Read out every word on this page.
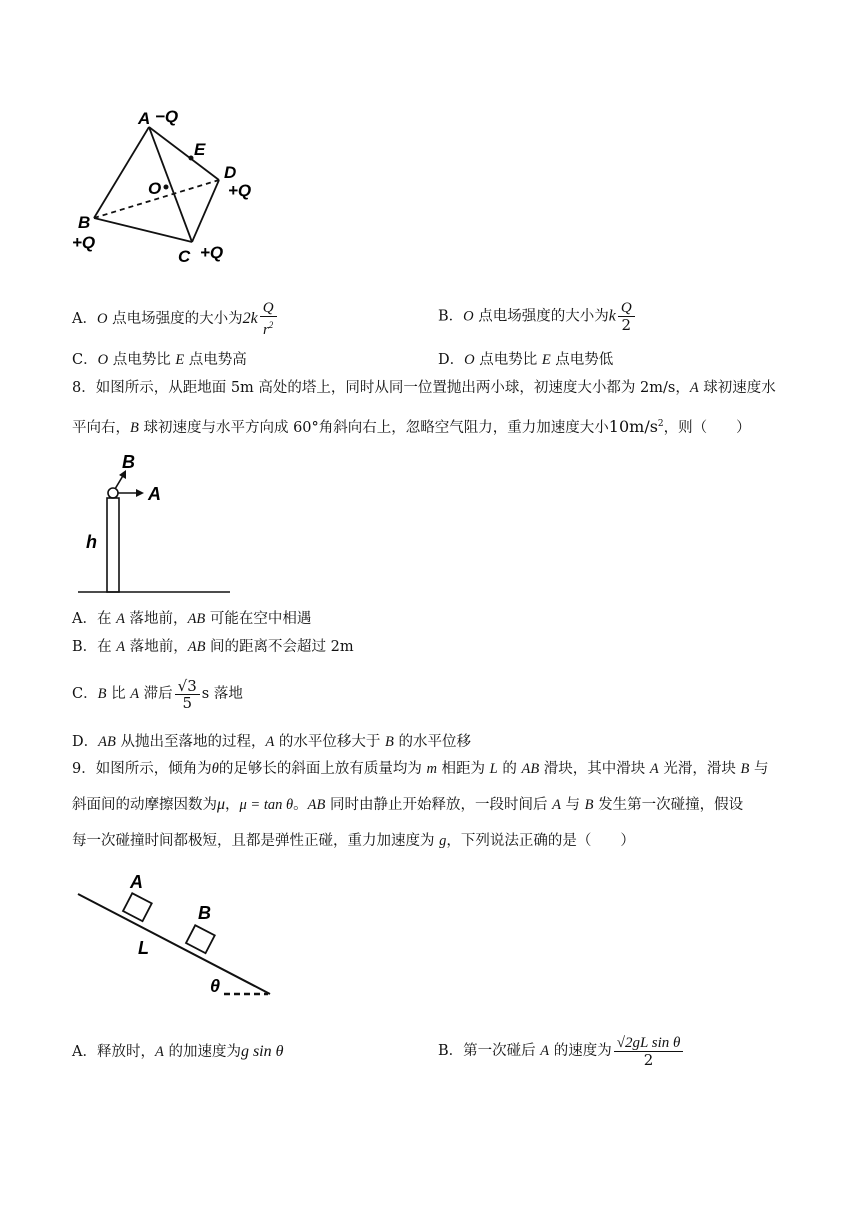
A −Q
E
D
+Q
O
B
+Q
C +Q
A．O 点电场强度的大小为$2k \frac{Q}{r^2}$	B．O 点电场强度的大小为k $\frac{Q}{2}$
C．O 点电势比 E 点电势高	D．O 点电势比 E 点电势低
8．如图所示，从距地面 5m 高处的塔上，同时从同一位置抛出两小球，初速度大小都为 2m/s，A 球初速度水
平向右，B 球初速度与水平方向成 60°角斜向右上，忽略空气阻力，重力加速度大小$10m/s^2$，则（　　）
B
A
h
A．在 A 落地前，AB 可能在空中相遇
B．在 A 落地前，AB 间的距离不会超过 2m
C．B 比 A 滞后 $\frac{√3}{5}$ s 落地
D．AB 从抛出至落地的过程，A 的水平位移大于 B 的水平位移
9．如图所示，倾角为θ的足够长的斜面上放有质量均为 m 相距为 L 的 AB 滑块，其中滑块 A 光滑，滑块 B 与
斜面间的动摩擦因数为μ，μ = tan θ。AB 同时由静止开始释放，一段时间后 A 与 B 发生第一次碰撞，假设
每一次碰撞时间都极短，且都是弹性正碰，重力加速度为 g，下列说法正确的是（　　）
A
B
L
θ
A．释放时，A 的加速度为g sin θ	B．第一次碰后 A 的速度为 $\frac{\text{√2gL sin θ}}{2}$
